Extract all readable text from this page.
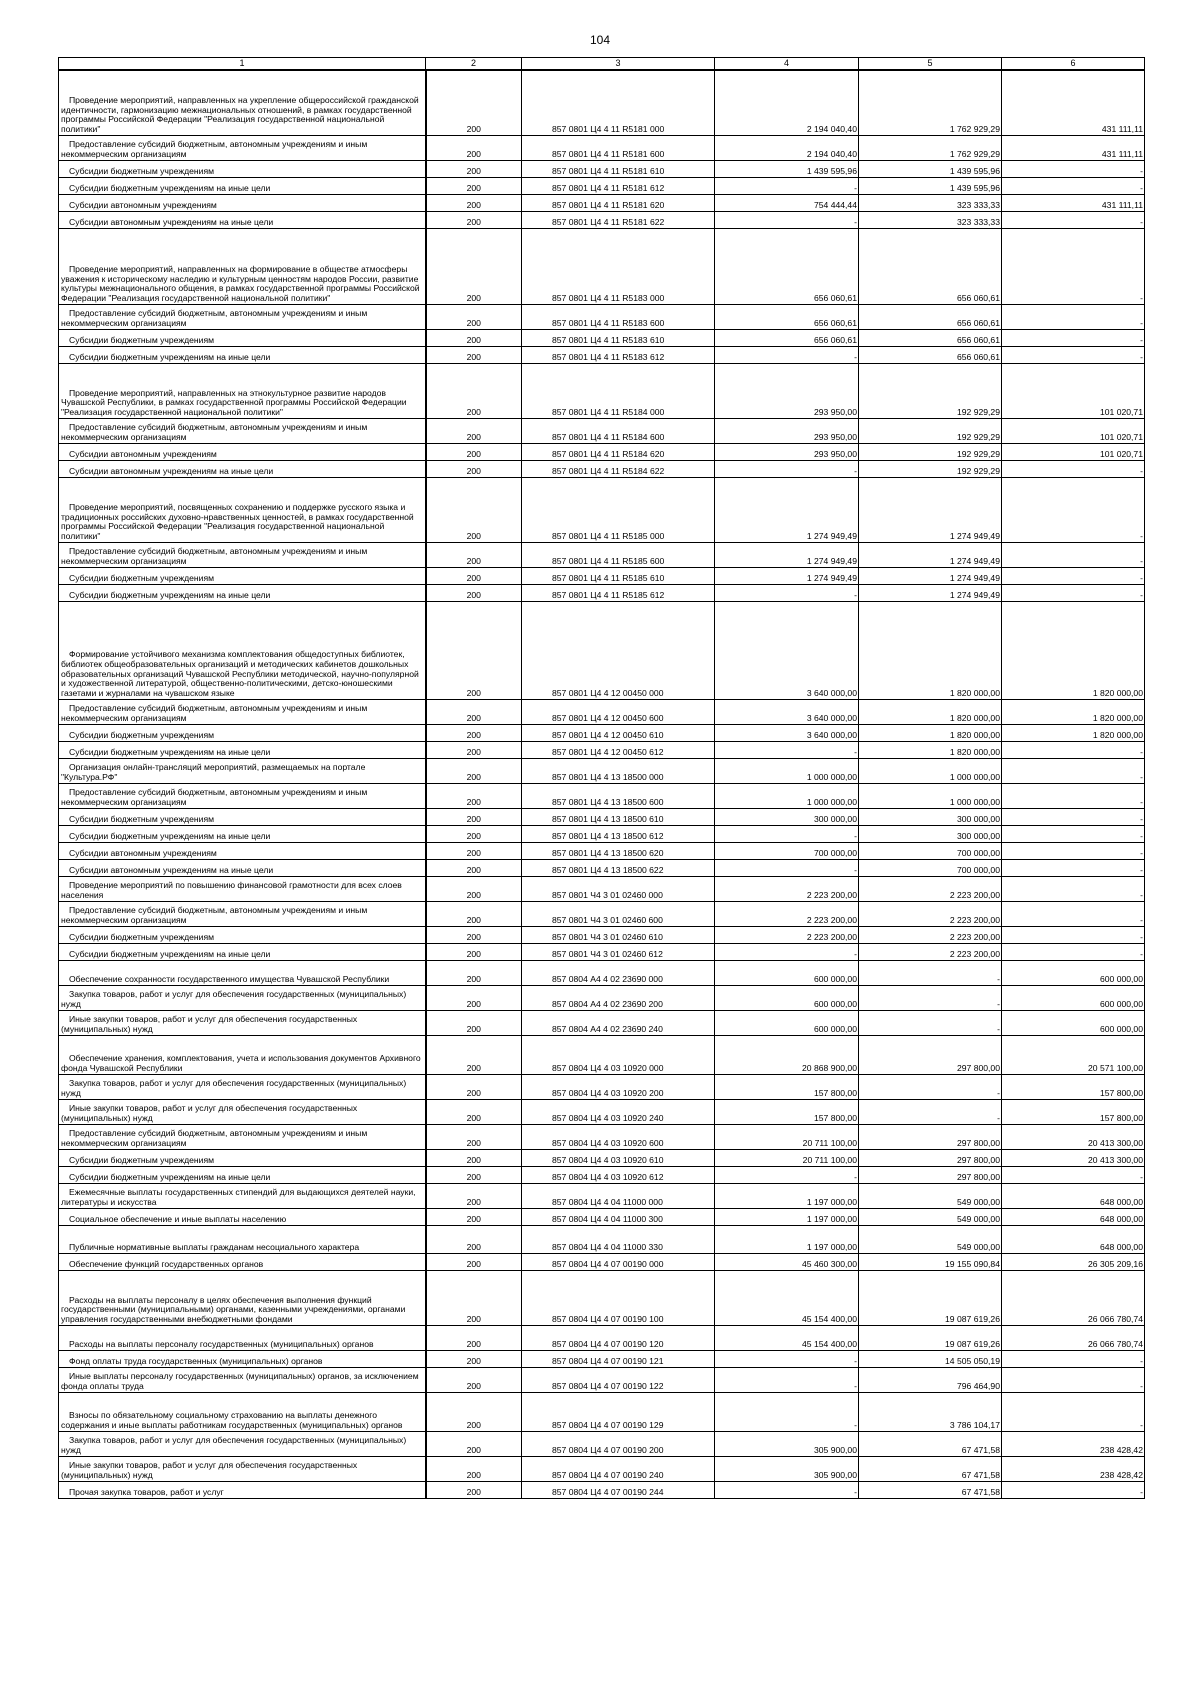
104
1	2	3	4	5	6
Проведение мероприятий, направленных на укрепление общероссийской гражданской идентичности, гармонизацию межнациональных отношений, в рамках государственной программы Российской Федерации "Реализация государственной национальной политики"	200	857 0801 Ц4 4 11 R5181 000	2 194 040,40	1 762 929,29	431 111,11
Предоставление субсидий бюджетным, автономным учреждениям и иным некоммерческим организациям	200	857 0801 Ц4 4 11 R5181 600	2 194 040,40	1 762 929,29	431 111,11
Субсидии бюджетным учреждениям	200	857 0801 Ц4 4 11 R5181 610	1 439 595,96	1 439 595,96	-
Субсидии бюджетным учреждениям на иные цели	200	857 0801 Ц4 4 11 R5181 612	-	1 439 595,96	-
Субсидии автономным учреждениям	200	857 0801 Ц4 4 11 R5181 620	754 444,44	323 333,33	431 111,11
Субсидии автономным учреждениям на иные цели	200	857 0801 Ц4 4 11 R5181 622	-	323 333,33	-
Проведение мероприятий, направленных на формирование в обществе атмосферы уважения к историческому наследию и культурным ценностям народов России, развитие культуры межнационального общения, в рамках государственной программы Российской Федерации "Реализация государственной национальной политики"	200	857 0801 Ц4 4 11 R5183 000	656 060,61	656 060,61	-
Предоставление субсидий бюджетным, автономным учреждениям и иным некоммерческим организациям	200	857 0801 Ц4 4 11 R5183 600	656 060,61	656 060,61	-
Субсидии бюджетным учреждениям	200	857 0801 Ц4 4 11 R5183 610	656 060,61	656 060,61	-
Субсидии бюджетным учреждениям на иные цели	200	857 0801 Ц4 4 11 R5183 612	-	656 060,61	-
Проведение мероприятий, направленных на этнокультурное развитие народов Чувашской Республики, в рамках государственной программы Российской Федерации "Реализация государственной национальной политики"	200	857 0801 Ц4 4 11 R5184 000	293 950,00	192 929,29	101 020,71
Предоставление субсидий бюджетным, автономным учреждениям и иным некоммерческим организациям	200	857 0801 Ц4 4 11 R5184 600	293 950,00	192 929,29	101 020,71
Субсидии автономным учреждениям	200	857 0801 Ц4 4 11 R5184 620	293 950,00	192 929,29	101 020,71
Субсидии автономным учреждениям на иные цели	200	857 0801 Ц4 4 11 R5184 622	-	192 929,29	-
Проведение мероприятий, посвященных сохранению и поддержке русского языка и традиционных российских духовно-нравственных ценностей, в рамках государственной программы Российской Федерации "Реализация государственной национальной политики"	200	857 0801 Ц4 4 11 R5185 000	1 274 949,49	1 274 949,49	-
Предоставление субсидий бюджетным, автономным учреждениям и иным некоммерческим организациям	200	857 0801 Ц4 4 11 R5185 600	1 274 949,49	1 274 949,49	-
Субсидии бюджетным учреждениям	200	857 0801 Ц4 4 11 R5185 610	1 274 949,49	1 274 949,49	-
Субсидии бюджетным учреждениям на иные цели	200	857 0801 Ц4 4 11 R5185 612	-	1 274 949,49	-
Формирование устойчивого механизма комплектования общедоступных библиотек, библиотек общеобразовательных организаций и методических кабинетов дошкольных образовательных организаций Чувашской Республики методической, научно-популярной и художественной литературой, общественно-политическими, детско-юношескими газетами и журналами на чувашском языке	200	857 0801 Ц4 4 12 00450 000	3 640 000,00	1 820 000,00	1 820 000,00
Предоставление субсидий бюджетным, автономным учреждениям и иным некоммерческим организациям	200	857 0801 Ц4 4 12 00450 600	3 640 000,00	1 820 000,00	1 820 000,00
Субсидии бюджетным учреждениям	200	857 0801 Ц4 4 12 00450 610	3 640 000,00	1 820 000,00	1 820 000,00
Субсидии бюджетным учреждениям на иные цели	200	857 0801 Ц4 4 12 00450 612	-	1 820 000,00	-
Организация онлайн-трансляций мероприятий, размещаемых на портале "Культура.РФ"	200	857 0801 Ц4 4 13 18500 000	1 000 000,00	1 000 000,00	-
Предоставление субсидий бюджетным, автономным учреждениям и иным некоммерческим организациям	200	857 0801 Ц4 4 13 18500 600	1 000 000,00	1 000 000,00	-
Субсидии бюджетным учреждениям	200	857 0801 Ц4 4 13 18500 610	300 000,00	300 000,00	-
Субсидии бюджетным учреждениям на иные цели	200	857 0801 Ц4 4 13 18500 612	-	300 000,00	-
Субсидии автономным учреждениям	200	857 0801 Ц4 4 13 18500 620	700 000,00	700 000,00	-
Субсидии автономным учреждениям на иные цели	200	857 0801 Ц4 4 13 18500 622	-	700 000,00	-
Проведение мероприятий по повышению финансовой грамотности для всех слоев населения	200	857 0801 Ч4 3 01 02460 000	2 223 200,00	2 223 200,00	-
Предоставление субсидий бюджетным, автономным учреждениям и иным некоммерческим организациям	200	857 0801 Ч4 3 01 02460 600	2 223 200,00	2 223 200,00	-
Субсидии бюджетным учреждениям	200	857 0801 Ч4 3 01 02460 610	2 223 200,00	2 223 200,00	-
Субсидии бюджетным учреждениям на иные цели	200	857 0801 Ч4 3 01 02460 612	-	2 223 200,00	-
Обеспечение сохранности государственного имущества Чувашской Республики	200	857 0804 А4 4 02 23690 000	600 000,00	-	600 000,00
Закупка товаров, работ и услуг для обеспечения государственных (муниципальных) нужд	200	857 0804 А4 4 02 23690 200	600 000,00	-	600 000,00
Иные закупки товаров, работ и услуг для обеспечения государственных (муниципальных) нужд	200	857 0804 А4 4 02 23690 240	600 000,00	-	600 000,00
Обеспечение хранения, комплектования, учета и использования документов Архивного фонда Чувашской Республики	200	857 0804 Ц4 4 03 10920 000	20 868 900,00	297 800,00	20 571 100,00
Закупка товаров, работ и услуг для обеспечения государственных (муниципальных) нужд	200	857 0804 Ц4 4 03 10920 200	157 800,00	-	157 800,00
Иные закупки товаров, работ и услуг для обеспечения государственных (муниципальных) нужд	200	857 0804 Ц4 4 03 10920 240	157 800,00	-	157 800,00
Предоставление субсидий бюджетным, автономным учреждениям и иным некоммерческим организациям	200	857 0804 Ц4 4 03 10920 600	20 711 100,00	297 800,00	20 413 300,00
Субсидии бюджетным учреждениям	200	857 0804 Ц4 4 03 10920 610	20 711 100,00	297 800,00	20 413 300,00
Субсидии бюджетным учреждениям на иные цели	200	857 0804 Ц4 4 03 10920 612	-	297 800,00	-
Ежемесячные выплаты государственных стипендий для выдающихся деятелей науки, литературы и искусства	200	857 0804 Ц4 4 04 11000 000	1 197 000,00	549 000,00	648 000,00
Социальное обеспечение и иные выплаты населению	200	857 0804 Ц4 4 04 11000 300	1 197 000,00	549 000,00	648 000,00
Публичные нормативные выплаты гражданам несоциального характера	200	857 0804 Ц4 4 04 11000 330	1 197 000,00	549 000,00	648 000,00
Обеспечение функций государственных органов	200	857 0804 Ц4 4 07 00190 000	45 460 300,00	19 155 090,84	26 305 209,16
Расходы на выплаты персоналу в целях обеспечения выполнения функций государственными (муниципальными) органами, казенными учреждениями, органами управления государственными внебюджетными фондами	200	857 0804 Ц4 4 07 00190 100	45 154 400,00	19 087 619,26	26 066 780,74
Расходы на выплаты персоналу государственных (муниципальных) органов	200	857 0804 Ц4 4 07 00190 120	45 154 400,00	19 087 619,26	26 066 780,74
Фонд оплаты труда государственных (муниципальных) органов	200	857 0804 Ц4 4 07 00190 121	-	14 505 050,19	-
Иные выплаты персоналу государственных (муниципальных) органов, за исключением фонда оплаты труда	200	857 0804 Ц4 4 07 00190 122	-	796 464,90	-
Взносы по обязательному социальному страхованию на выплаты денежного содержания и иные выплаты работникам государственных (муниципальных) органов	200	857 0804 Ц4 4 07 00190 129	-	3 786 104,17	-
Закупка товаров, работ и услуг для обеспечения государственных (муниципальных) нужд	200	857 0804 Ц4 4 07 00190 200	305 900,00	67 471,58	238 428,42
Иные закупки товаров, работ и услуг для обеспечения государственных (муниципальных) нужд	200	857 0804 Ц4 4 07 00190 240	305 900,00	67 471,58	238 428,42
Прочая закупка товаров, работ и услуг	200	857 0804 Ц4 4 07 00190 244	-	67 471,58	-
